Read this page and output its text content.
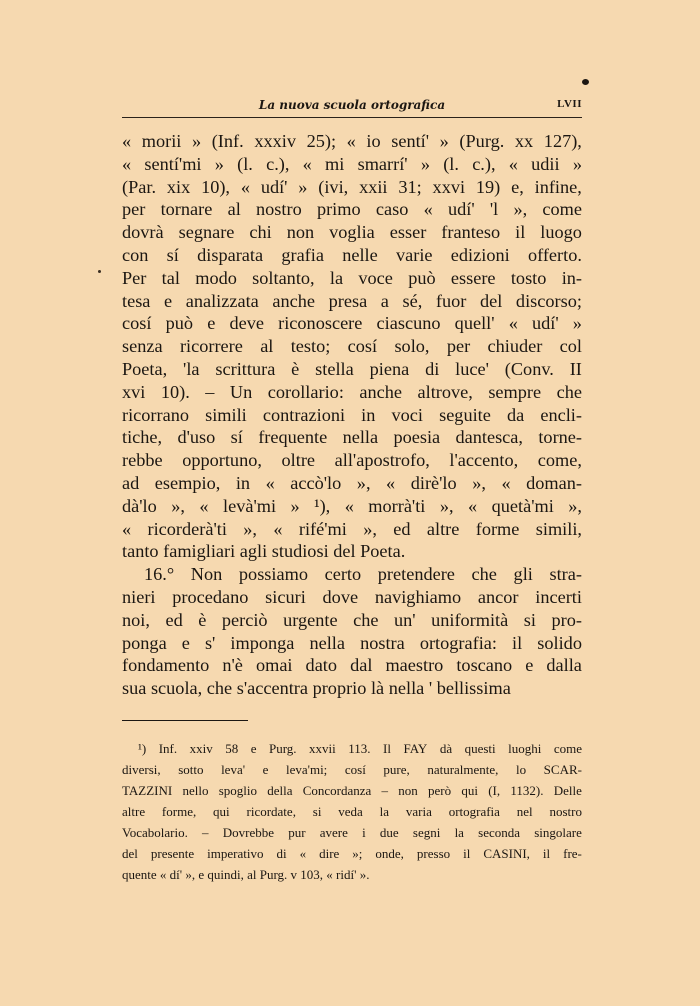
La nuova scuola ortografica	LVII
« morii » (Inf. xxxiv 25); « io sentí' » (Purg. xx 127),
« sentí'mi » (l. c.), « mi smarrí' » (l. c.), « udii »
(Par. xix 10), « udí' » (ivi, xxii 31; xxvi 19) e, infine,
per tornare al nostro primo caso « udí' 'l », come
dovrà segnare chi non voglia esser franteso il luogo
con sí disparata grafia nelle varie edizioni offerto.
Per tal modo soltanto, la voce può essere tosto in-
tesa e analizzata anche presa a sé, fuor del discorso;
cosí può e deve riconoscere ciascuno quell' « udí' »
senza ricorrere al testo; cosí solo, per chiuder col
Poeta, 'la scrittura è stella piena di luce' (Conv. II
xvi 10). – Un corollario: anche altrove, sempre che
ricorrano simili contrazioni in voci seguite da encli-
tiche, d'uso sí frequente nella poesia dantesca, torne-
rebbe opportuno, oltre all'apostrofo, l'accento, come,
ad esempio, in « accò'lo », « dirè'lo », « doman-
dà'lo », « levà'mi » ¹), « morrà'ti », « quetà'mi »,
« ricorderà'ti », « rifé'mi », ed altre forme simili,
tanto famigliari agli studiosi del Poeta.
16.° Non possiamo certo pretendere che gli stra-
nieri procedano sicuri dove navighiamo ancor incerti
noi, ed è perciò urgente che un' uniformità si pro-
ponga e s' imponga nella nostra ortografia: il solido
fondamento n'è omai dato dal maestro toscano e dalla
sua scuola, che s'accentra proprio là nella ' bellissima
¹) Inf. xxiv 58 e Purg. xxvii 113. Il FAY dà questi luoghi come
diversi, sotto leva' e leva'mi; cosí pure, naturalmente, lo SCAR-
TAZZINI nello spoglio della Concordanza – non però qui (I, 1132). Delle
altre forme, qui ricordate, si veda la varia ortografia nel nostro
Vocabolario. – Dovrebbe pur avere i due segni la seconda singolare
del presente imperativo di « dire »; onde, presso il CASINI, il fre-
quente « dí' », e quindi, al Purg. v 103, « ridí' ».
